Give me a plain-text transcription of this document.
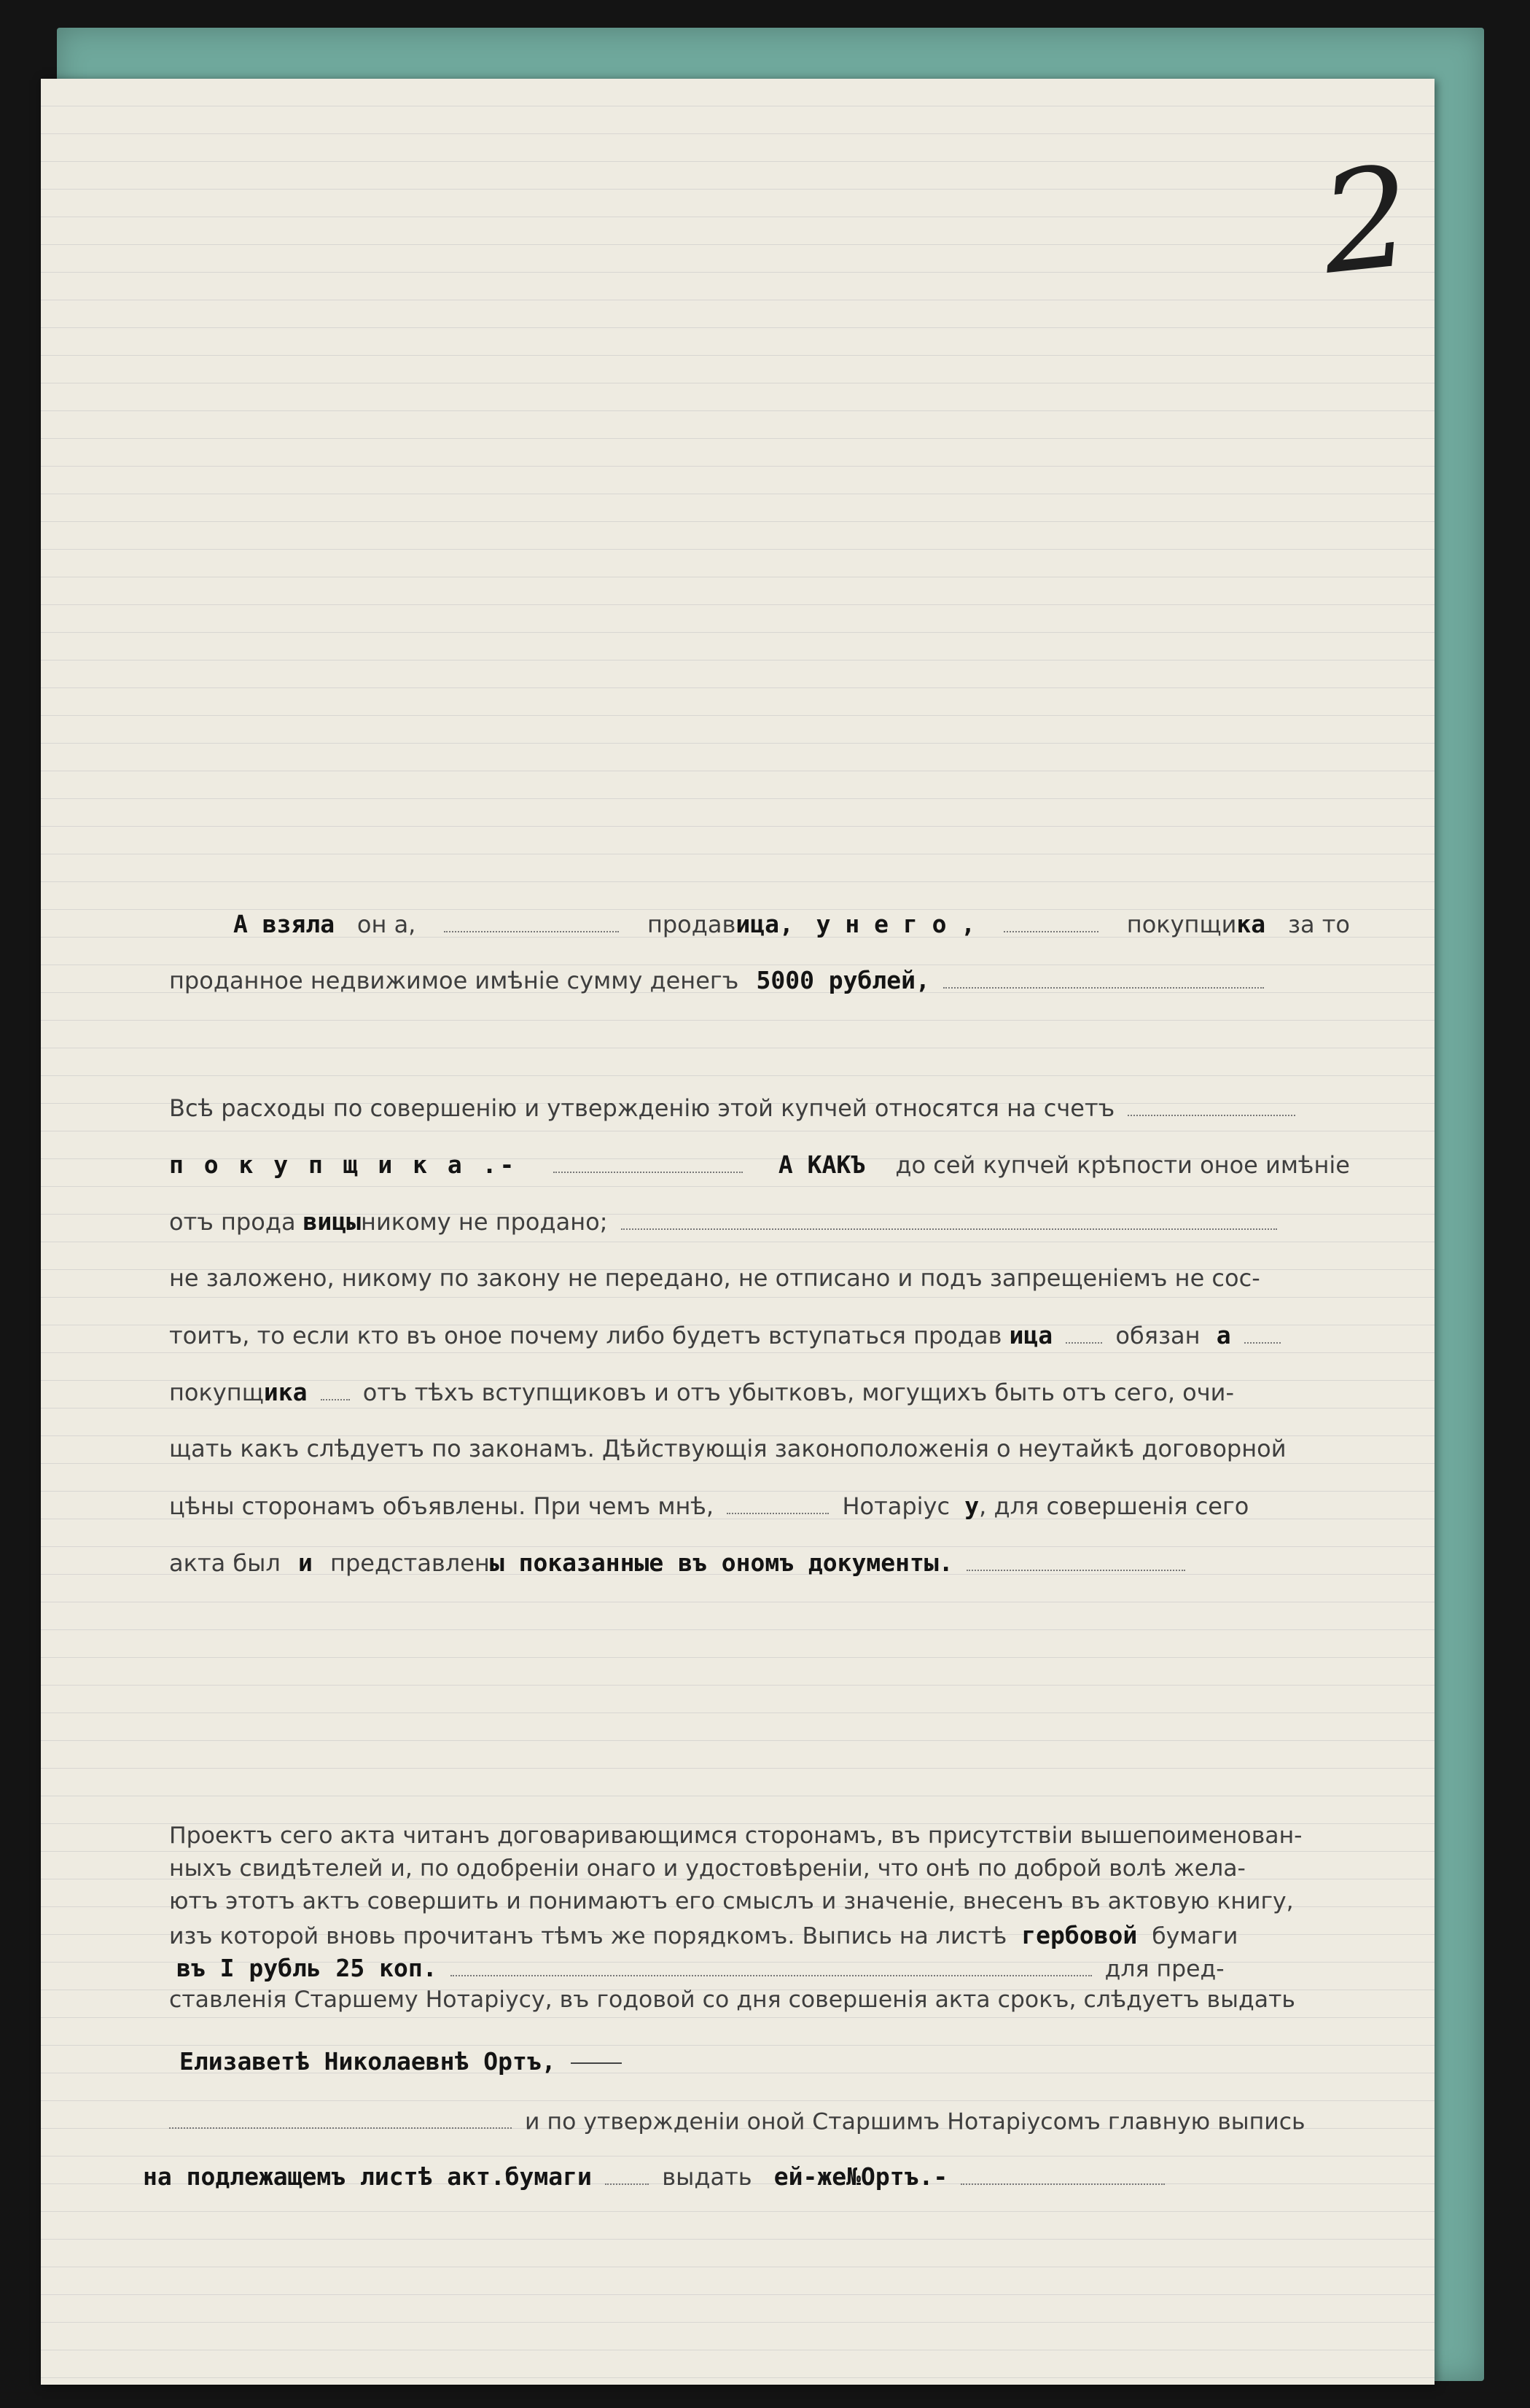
2
А взяла он а,	продавица, у н е г о ,	покупщика за то
проданное недвижимое имѣнiе сумму денегъ 5000 рублей,
Всѣ расходы по совершенiю и утвержденiю этой купчей относятся на счетъ
п о к у п щ и к а .-	А КАКЪ до сей купчей крѣпости оное имѣнiе
отъ прода вицыникому не продано;
не заложено, никому по закону не передано, не отписано и подъ запрещенiемъ не сос-
тоитъ, то если кто въ оное почему либо будетъ вступаться продав ица	обязан а
покупщика отъ тѣхъ вступщиковъ и отъ убытковъ, могущихъ быть отъ сего, очи-
щать какъ слѣдуетъ по законамъ. Дѣйствующiя законоположенiя о неутайкѣ договорной
цѣны сторонамъ объявлены. При чемъ мнѣ,	Нотарiус у, для совершенiя сего
акта был и представлены показанные въ ономъ документы.
Проектъ сего акта читанъ договаривающимся сторонамъ, въ присутствiи вышепоименован-
ныхъ свидѣтелей и, по одобренiи онаго и удостовѣренiи, что онѣ по доброй волѣ жела-
ютъ этотъ актъ совершить и понимаютъ его смыслъ и значенiе, внесенъ въ актовую книгу,
изъ которой вновь прочитанъ тѣмъ же порядкомъ. Выпись на листѣ гербовой бумаги
въ I рубль 25 коп.	для пред-
ставленiя Старшему Нотарiусу, въ годовой со дня совершенiя акта срокъ, слѣдуетъ выдать
Елизаветѣ Николаевнѣ Ортъ,
и по утвержденiи оной Старшимъ Нотарiусомъ главную выпись
на подлежащемъ листѣ акт.бумаги	выдать ей-же№Ортъ.-
